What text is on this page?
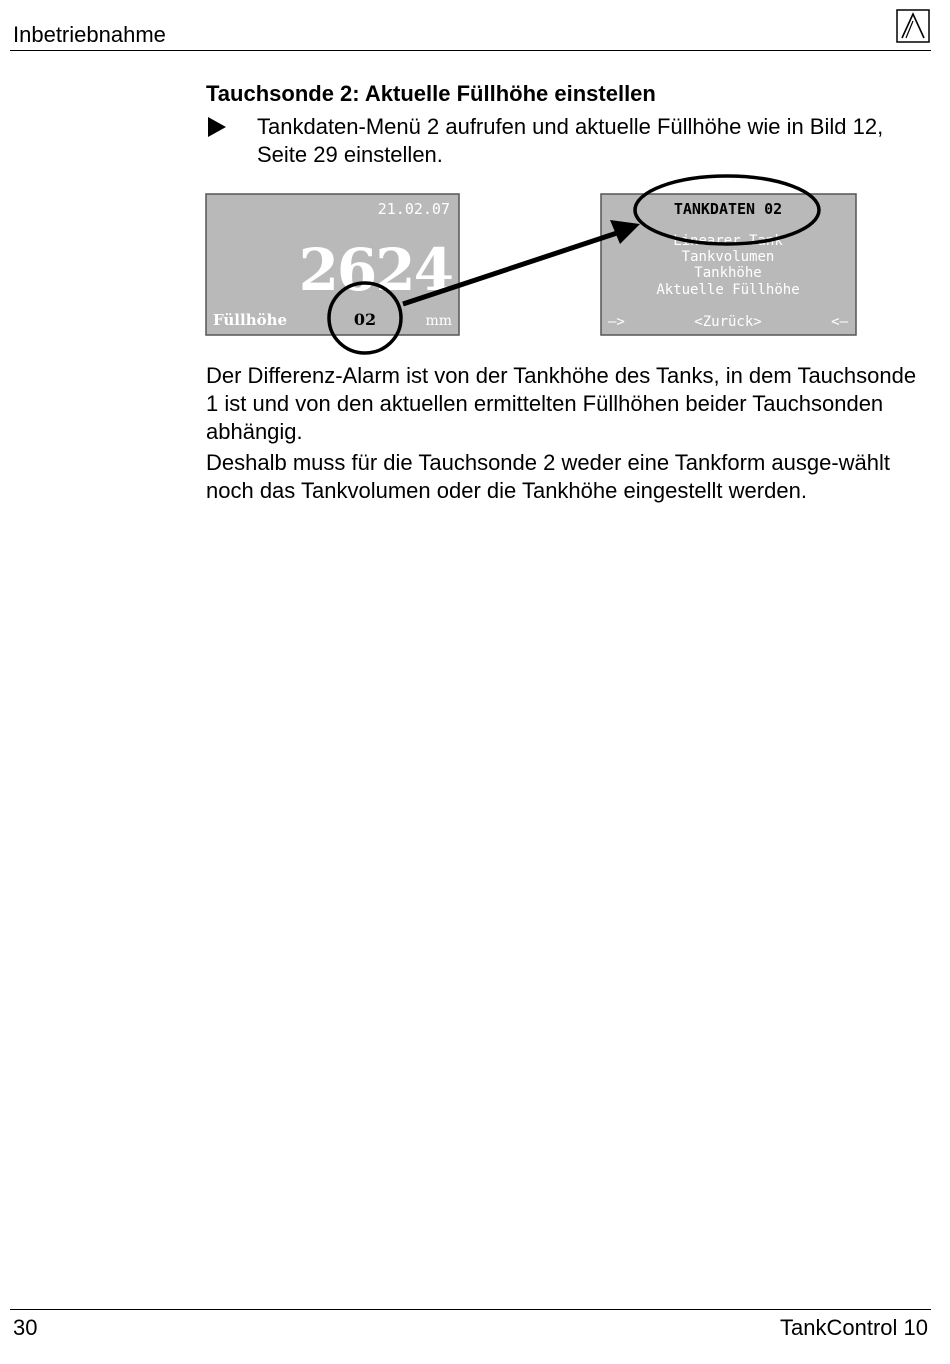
Inbetriebnahme
Tauchsonde 2: Aktuelle Füllhöhe einstellen
Tankdaten-Menü 2 aufrufen und aktuelle Füllhöhe wie in Bild 12, Seite 29 einstellen.
21.02.07
2624
Füllhöhe	02	mm
TANKDATEN 02
Linearer Tank
Tankvolumen
Tankhöhe
Aktuelle Füllhöhe
—>	<Zurück>	<—
Der Differenz-Alarm ist von der Tankhöhe des Tanks, in dem Tauchsonde 1 ist und von den aktuellen ermittelten Füllhöhen beider Tauchsonden abhängig.
Deshalb muss für die Tauchsonde 2 weder eine Tankform ausge-wählt noch das Tankvolumen oder die Tankhöhe eingestellt werden.
30	TankControl 10
